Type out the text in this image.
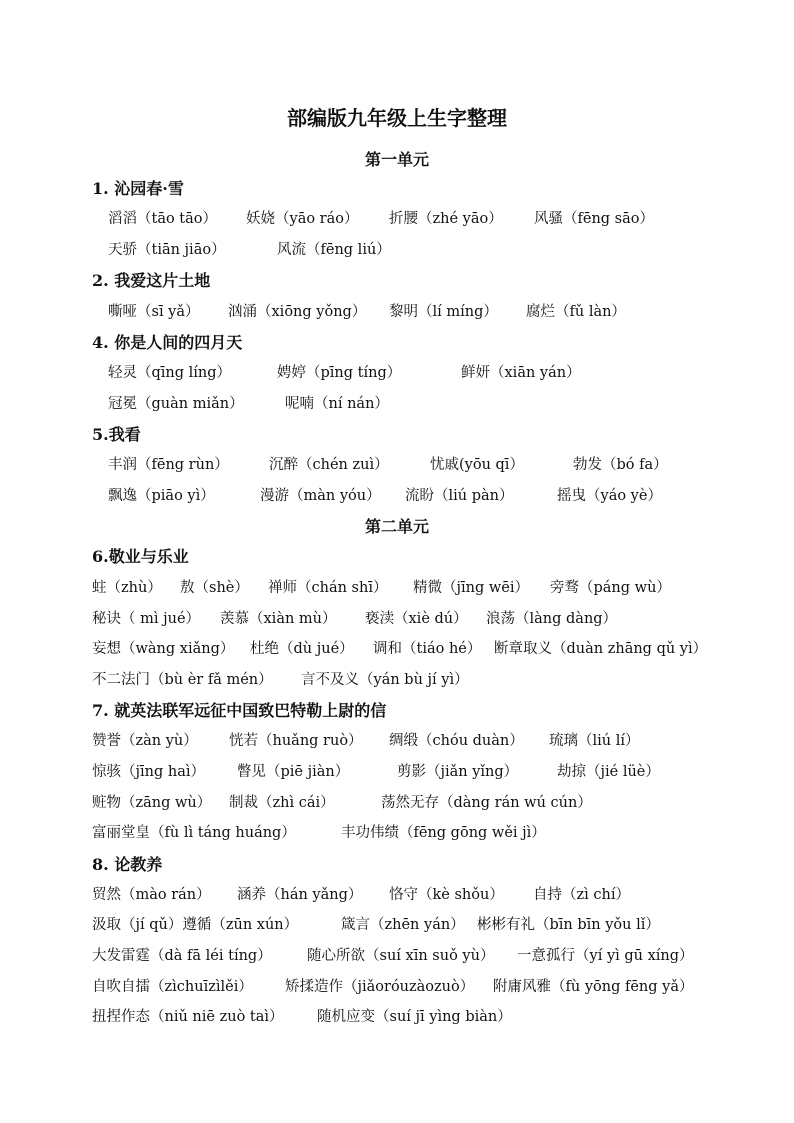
部编版九年级上生字整理
第一单元
1. 沁园春·雪
滔滔（tāo tāo） 妖娆（yāo ráo） 折腰（zhé yāo） 风骚（fēng sāo）
天骄（tiān jiāo）	风流（fēng liú）
2. 我爱这片土地
嘶哑（sī yǎ） 汹涌（xiōng yǒng） 黎明（lí míng） 腐烂（fǔ làn）
4. 你是人间的四月天
轻灵（qīng líng）	娉婷（pīng tíng）	鲜妍（xiān yán）
冠冕（guàn miǎn）	呢喃（ní nán）
5.我看
丰润（fēng rùn）	沉醉（chén zuì）	忧戚(yōu qī）	勃发（bó fa）
飘逸（piāo yì）	漫游（màn yóu） 流盼（liú pàn）	摇曳（yáo yè）
第二单元
6.敬业与乐业
蛀（zhù） 敖（shè） 禅师（chán shī） 精微（jīng wēi） 旁骛（páng wù）
秘诀（ mì jué） 羡慕（xiàn mù） 亵渎（xiè dú） 浪荡（làng dàng）
妄想（wàng xiǎng） 杜绝（dù jué） 调和（tiáo hé） 断章取义（duàn zhāng qǔ yì）
不二法门（bù èr fǎ mén） 言不及义（yán bù jí yì）
7. 就英法联军远征中国致巴特勒上尉的信
赞誉（zàn yù） 恍若（huǎng ruò） 绸缎（chóu duàn） 琉璃（liú lí）
惊骇（jīng haì） 瞥见（piē jiàn）	剪影（jiǎn yǐng）	劫掠（jié lüè）
赃物（zāng wù） 制裁（zhì cái）	荡然无存（dàng rán wú cún）
富丽堂皇（fù lì táng huáng）	丰功伟绩（fēng gōng wěi jì）
8. 论教养
贸然（mào rán） 涵养（hán yǎng） 恪守（kè shǒu） 自持（zì chí）
汲取（jí qǔ）遵循（zūn xún）	箴言（zhēn yán） 彬彬有礼（bīn bīn yǒu lǐ）
大发雷霆（dà fā léi tíng） 随心所欲（suí xīn suǒ yù） 一意孤行（yí yì gū xíng）
自吹自擂（zìchuīzìlěi） 矫揉造作（jiǎoróuzàozuò） 附庸风雅（fù yōng fēng yǎ）
扭捏作态（niǔ niē zuò taì） 随机应变（suí jī yìng biàn）
